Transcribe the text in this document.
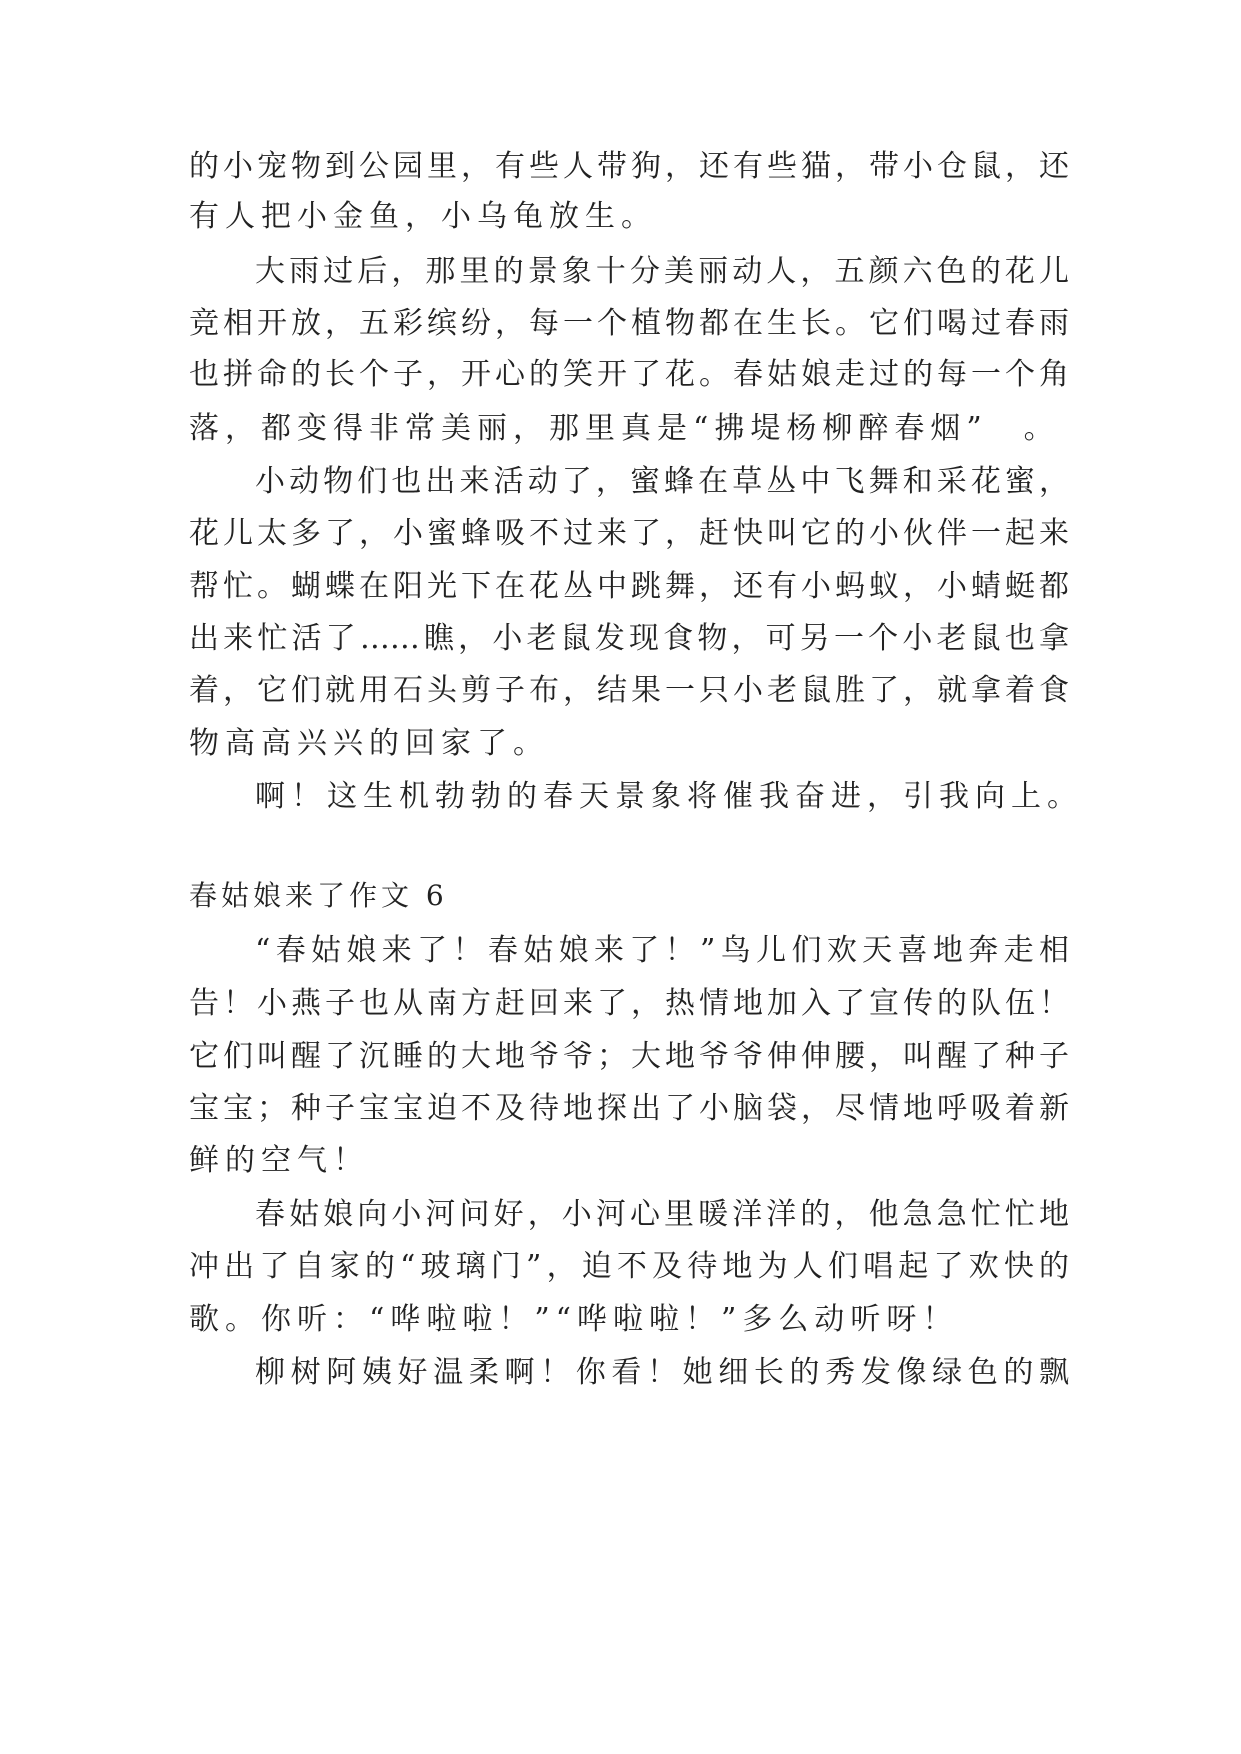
的小宠物到公园里，有些人带狗，还有些猫，带小仓鼠，还
有人把小金鱼，小乌龟放生。
大雨过后，那里的景象十分美丽动人，五颜六色的花儿
竞相开放，五彩缤纷，每一个植物都在生长。它们喝过春雨
也拼命的长个子，开心的笑开了花。春姑娘走过的每一个角
落，都变得非常美丽，那里真是“拂堤杨柳醉春烟”　。
小动物们也出来活动了，蜜蜂在草丛中飞舞和采花蜜，
花儿太多了，小蜜蜂吸不过来了，赶快叫它的小伙伴一起来
帮忙。蝴蝶在阳光下在花丛中跳舞，还有小蚂蚁，小蜻蜓都
出来忙活了……瞧，小老鼠发现食物，可另一个小老鼠也拿
着，它们就用石头剪子布，结果一只小老鼠胜了，就拿着食
物高高兴兴的回家了。
啊！这生机勃勃的春天景象将催我奋进，引我向上。
春姑娘来了作文 6
“春姑娘来了！春姑娘来了！”鸟儿们欢天喜地奔走相
告！小燕子也从南方赶回来了，热情地加入了宣传的队伍！
它们叫醒了沉睡的大地爷爷；大地爷爷伸伸腰，叫醒了种子
宝宝；种子宝宝迫不及待地探出了小脑袋，尽情地呼吸着新
鲜的空气！
春姑娘向小河问好，小河心里暖洋洋的，他急急忙忙地
冲出了自家的“玻璃门”，迫不及待地为人们唱起了欢快的
歌。你听：“哗啦啦！”“哗啦啦！”多么动听呀！
柳树阿姨好温柔啊！你看！她细长的秀发像绿色的飘
